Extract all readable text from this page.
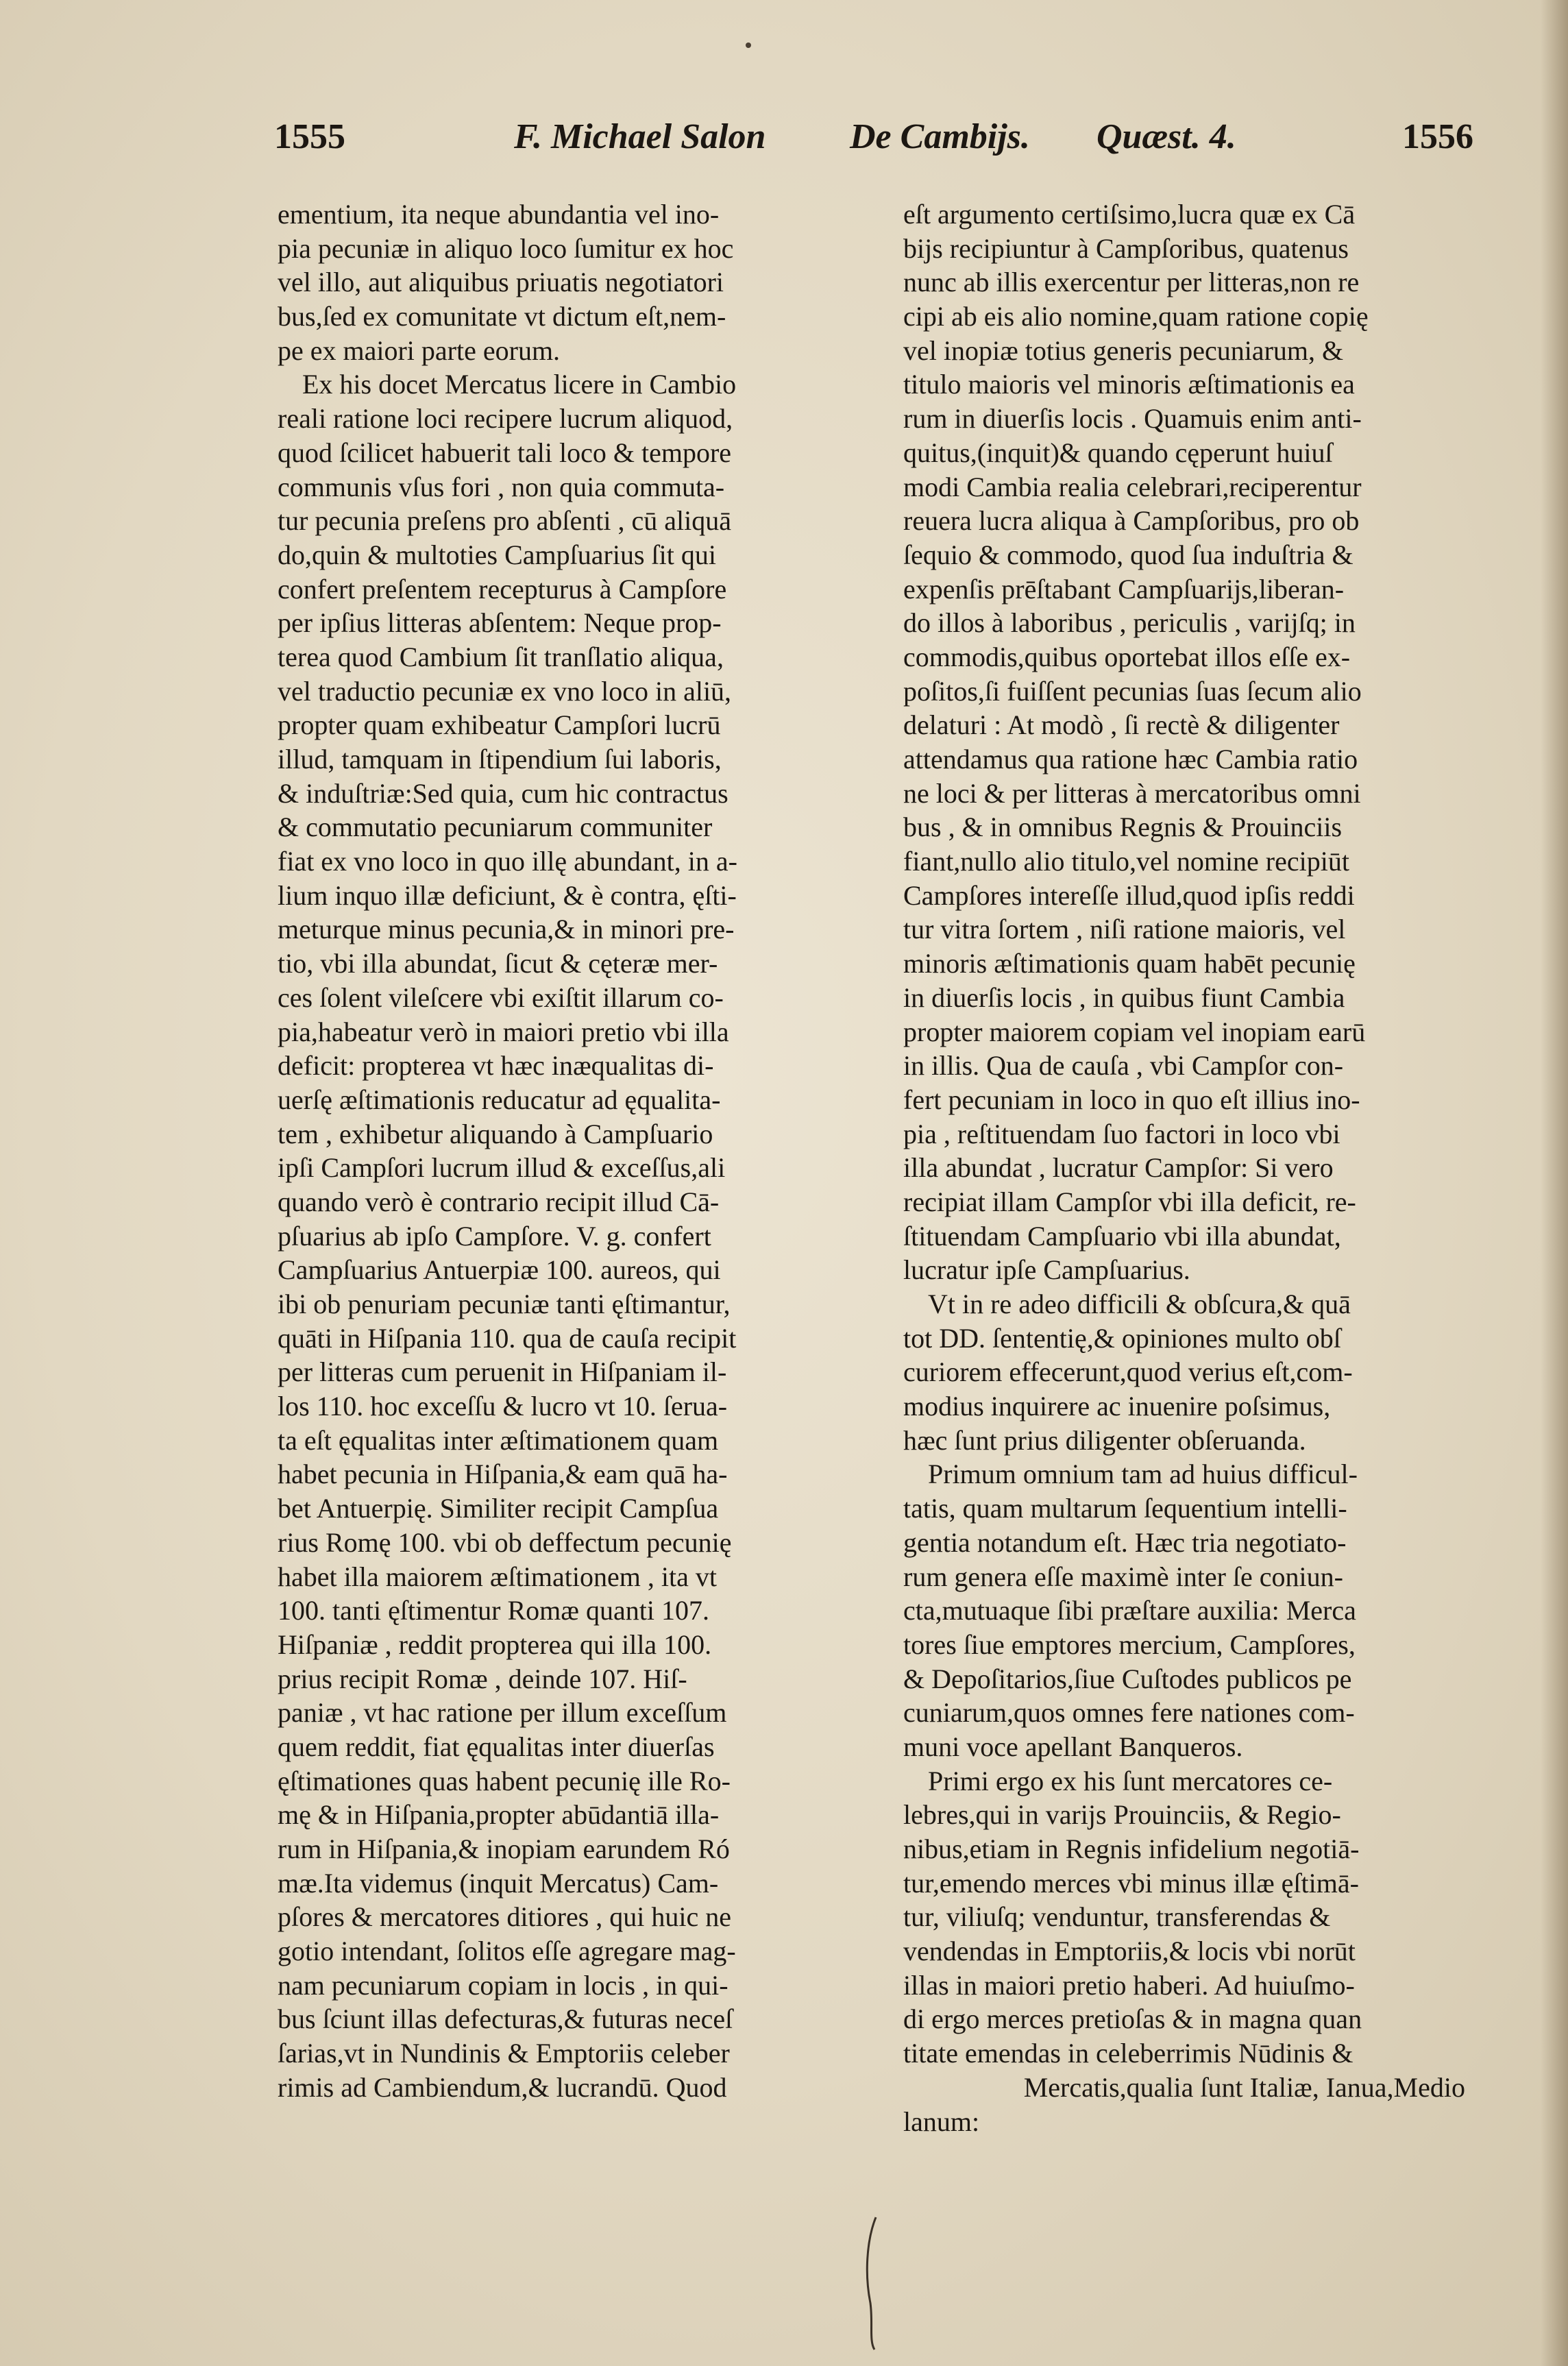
1555	F. Michael Salon De Cambijs. Quæst. 4.	1556
ementium, ita neque abundantia vel ino-
pia pecuniæ in aliquo loco ſumitur ex hoc
vel illo, aut aliquibus priuatis negotiatori
bus,ſed ex comunitate vt dictum eſt,nem-
pe ex maiori parte eorum.
Ex his docet Mercatus licere in Cambio
reali ratione loci recipere lucrum aliquod,
quod ſcilicet habuerit tali loco & tempore
communis vſus fori , non quia commuta-
tur pecunia preſens pro abſenti , cū aliquā
do,quin & multoties Campſuarius ſit qui
confert preſentem recepturus à Campſore
per ipſius litteras abſentem: Neque prop-
terea quod Cambium ſit tranſlatio aliqua,
vel traductio pecuniæ ex vno loco in aliū,
propter quam exhibeatur Campſori lucrū
illud, tamquam in ſtipendium ſui laboris,
& induſtriæ:Sed quia, cum hic contractus
& commutatio pecuniarum communiter
fiat ex vno loco in quo illę abundant, in a-
lium inquo illæ deficiunt, & è contra, ęſti-
meturque minus pecunia,& in minori pre-
tio, vbi illa abundat, ſicut & cęteræ mer-
ces ſolent vileſcere vbi exiſtit illarum co-
pia,habeatur verò in maiori pretio vbi illa
deficit: propterea vt hæc inæqualitas di-
uerſę æſtimationis reducatur ad ęqualita-
tem , exhibetur aliquando à Campſuario
ipſi Campſori lucrum illud & exceſſus,ali
quando verò è contrario recipit illud Cā-
pſuarius ab ipſo Campſore. V. g. confert
Campſuarius Antuerpiæ 100. aureos, qui
ibi ob penuriam pecuniæ tanti ęſtimantur,
quāti in Hiſpania 110. qua de cauſa recipit
per litteras cum peruenit in Hiſpaniam il-
los 110. hoc exceſſu & lucro vt 10. ſerua-
ta eſt ęqualitas inter æſtimationem quam
habet pecunia in Hiſpania,& eam quā ha-
bet Antuerpię. Similiter recipit Campſua
rius Romę 100. vbi ob deffectum pecunię
habet illa maiorem æſtimationem , ita vt
100. tanti ęſtimentur Romæ quanti 107.
Hiſpaniæ , reddit propterea qui illa 100.
prius recipit Romæ , deinde 107. Hiſ-
paniæ , vt hac ratione per illum exceſſum
quem reddit, fiat ęqualitas inter diuerſas
ęſtimationes quas habent pecunię ille Ro-
mę & in Hiſpania,propter abūdantiā illa-
rum in Hiſpania,& inopiam earundem Ró
mæ.Ita videmus (inquit Mercatus) Cam-
pſores & mercatores ditiores , qui huic ne
gotio intendant, ſolitos eſſe agregare mag-
nam pecuniarum copiam in locis , in qui-
bus ſciunt illas defecturas,& futuras neceſ
ſarias,vt in Nundinis & Emptoriis celeber
rimis ad Cambiendum,& lucrandū. Quod
eſt argumento certiſsimo,lucra quæ ex Cā
bijs recipiuntur à Campſoribus, quatenus
nunc ab illis exercentur per litteras,non re
cipi ab eis alio nomine,quam ratione copię
vel inopiæ totius generis pecuniarum, &
titulo maioris vel minoris æſtimationis ea
rum in diuerſis locis . Quamuis enim anti-
quitus,(inquit)& quando cęperunt huiuſ
modi Cambia realia celebrari,reciperentur
reuera lucra aliqua à Campſoribus, pro ob
ſequio & commodo, quod ſua induſtria &
expenſis prēſtabant Campſuarijs,liberan-
do illos à laboribus , periculis , varijſq; in
commodis,quibus oportebat illos eſſe ex-
poſitos,ſi fuiſſent pecunias ſuas ſecum alio
delaturi : At modò , ſi rectè & diligenter
attendamus qua ratione hæc Cambia ratio
ne loci & per litteras à mercatoribus omni
bus , & in omnibus Regnis & Prouinciis
fiant,nullo alio titulo,vel nomine recipiūt
Campſores intereſſe illud,quod ipſis reddi
tur vitra ſortem , niſi ratione maioris, vel
minoris æſtimationis quam habēt pecunię
in diuerſis locis , in quibus fiunt Cambia
propter maiorem copiam vel inopiam earū
in illis. Qua de cauſa , vbi Campſor con-
fert pecuniam in loco in quo eſt illius ino-
pia , reſtituendam ſuo factori in loco vbi
illa abundat , lucratur Campſor: Si vero
recipiat illam Campſor vbi illa deficit, re-
ſtituendam Campſuario vbi illa abundat,
lucratur ipſe Campſuarius.
Vt in re adeo difficili & obſcura,& quā
tot DD. ſententię,& opiniones multo obſ
curiorem effecerunt,quod verius eſt,com-
modius inquirere ac inuenire poſsimus,
hæc ſunt prius diligenter obſeruanda.
Primum omnium tam ad huius difficul-
tatis, quam multarum ſequentium intelli-
gentia notandum eſt. Hæc tria negotiato-
rum genera eſſe maximè inter ſe coniun-
cta,mutuaque ſibi præſtare auxilia: Merca
tores ſiue emptores mercium, Campſores,
& Depoſitarios,ſiue Cuſtodes publicos pe
cuniarum,quos omnes fere nationes com-
muni voce apellant Banqueros.
Primi ergo ex his ſunt mercatores ce-
lebres,qui in varijs Prouinciis, & Regio-
nibus,etiam in Regnis infidelium negotiā-
tur,emendo merces vbi minus illæ ęſtimā-
tur, viliuſq; venduntur, transferendas &
vendendas in Emptoriis,& locis vbi norūt
illas in maiori pretio haberi. Ad huiuſmo-
di ergo merces pretioſas & in magna quan
titate emendas in celeberrimis Nūdinis &
Mercatis,qualia ſunt Italiæ, Ianua,Medio
lanum:
